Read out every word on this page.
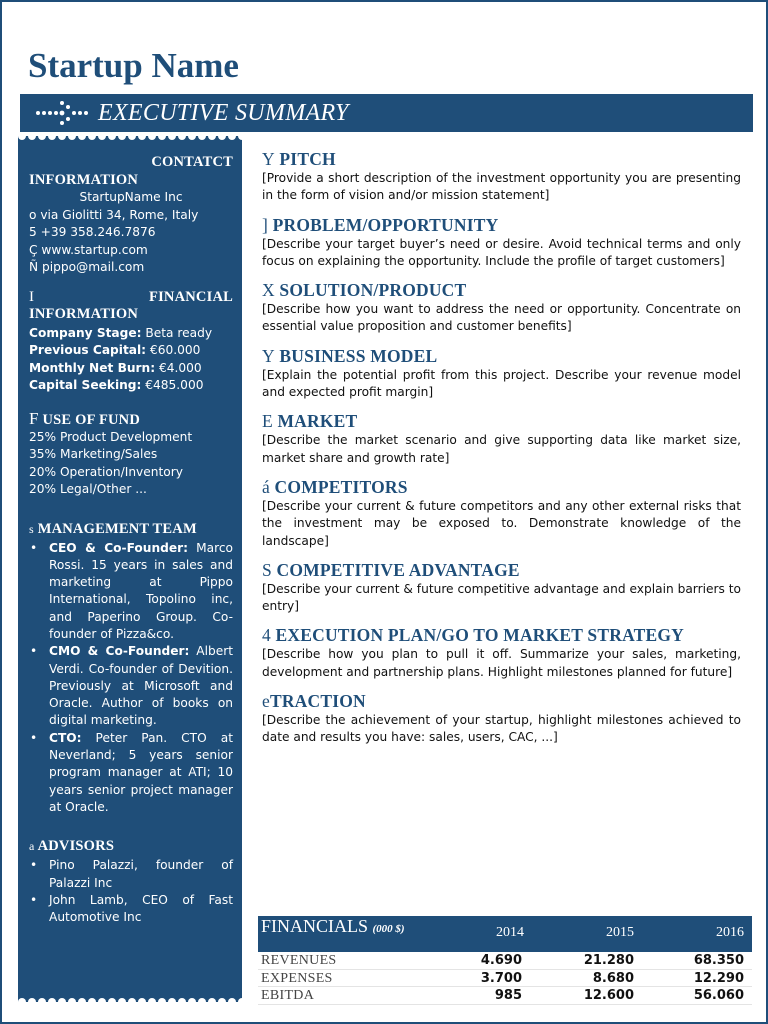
Startup Name
EXECUTIVE SUMMARY
CONTATCT
INFORMATION
StartupName Inc
o via Giolitti 34, Rome, Italy
5 +39 358.246.7876
Ç www.startup.com
Ñ pippo@mail.com
I	FINANCIAL
INFORMATION
Company Stage: Beta ready
Previous Capital: €60.000
Monthly Net Burn: €4.000
Capital Seeking: €485.000
F USE OF FUND
25% Product Development
35% Marketing/Sales
20% Operation/Inventory
20% Legal/Other ...
s MANAGEMENT TEAM
• CEO & Co-Founder: Marco Rossi. 15 years in sales and marketing at Pippo International, Topolino inc, and Paperino Group. Co-founder of Pizza&co.
• CMO & Co-Founder: Albert Verdi. Co-founder of Devition. Previously at Microsoft and Oracle. Author of books on digital marketing.
• CTO: Peter Pan. CTO at Neverland; 5 years senior program manager at ATI; 10 years senior project manager at Oracle.
a ADVISORS
• Pino Palazzi, founder of Palazzi Inc
• John Lamb, CEO of Fast Automotive Inc
Y PITCH

[Provide a short description of the investment opportunity you are presenting in the form of vision and/or mission statement]

] PROBLEM/OPPORTUNITY

[Describe your target buyer’s need or desire. Avoid technical terms and only focus on explaining the opportunity. Include the profile of target customers]

X SOLUTION/PRODUCT

[Describe how you want to address the need or opportunity. Concentrate on essential value proposition and customer benefits]

Y BUSINESS MODEL

[Explain the potential profit from this project. Describe your revenue model and expected profit margin]

E MARKET

[Describe the market scenario and give supporting data like market size, market share and growth rate]

á COMPETITORS

[Describe your current & future competitors and any other external risks that the investment may be exposed to. Demonstrate knowledge of the landscape]

S COMPETITIVE ADVANTAGE

[Describe your current & future competitive advantage and explain barriers to entry]

4 EXECUTION PLAN/GO TO MARKET STRATEGY

[Describe how you plan to pull it off. Summarize your sales, marketing, development and partnership plans. Highlight milestones planned for future]

eTRACTION

[Describe the achievement of your startup, highlight milestones achieved to date and results you have: sales, users, CAC, ...]

FINANCIALS (000 $)	2014	2015	2016
REVENUES	4.690	21.280	68.350
EXPENSES	3.700	8.680	12.290
EBITDA	985	12.600	56.060
